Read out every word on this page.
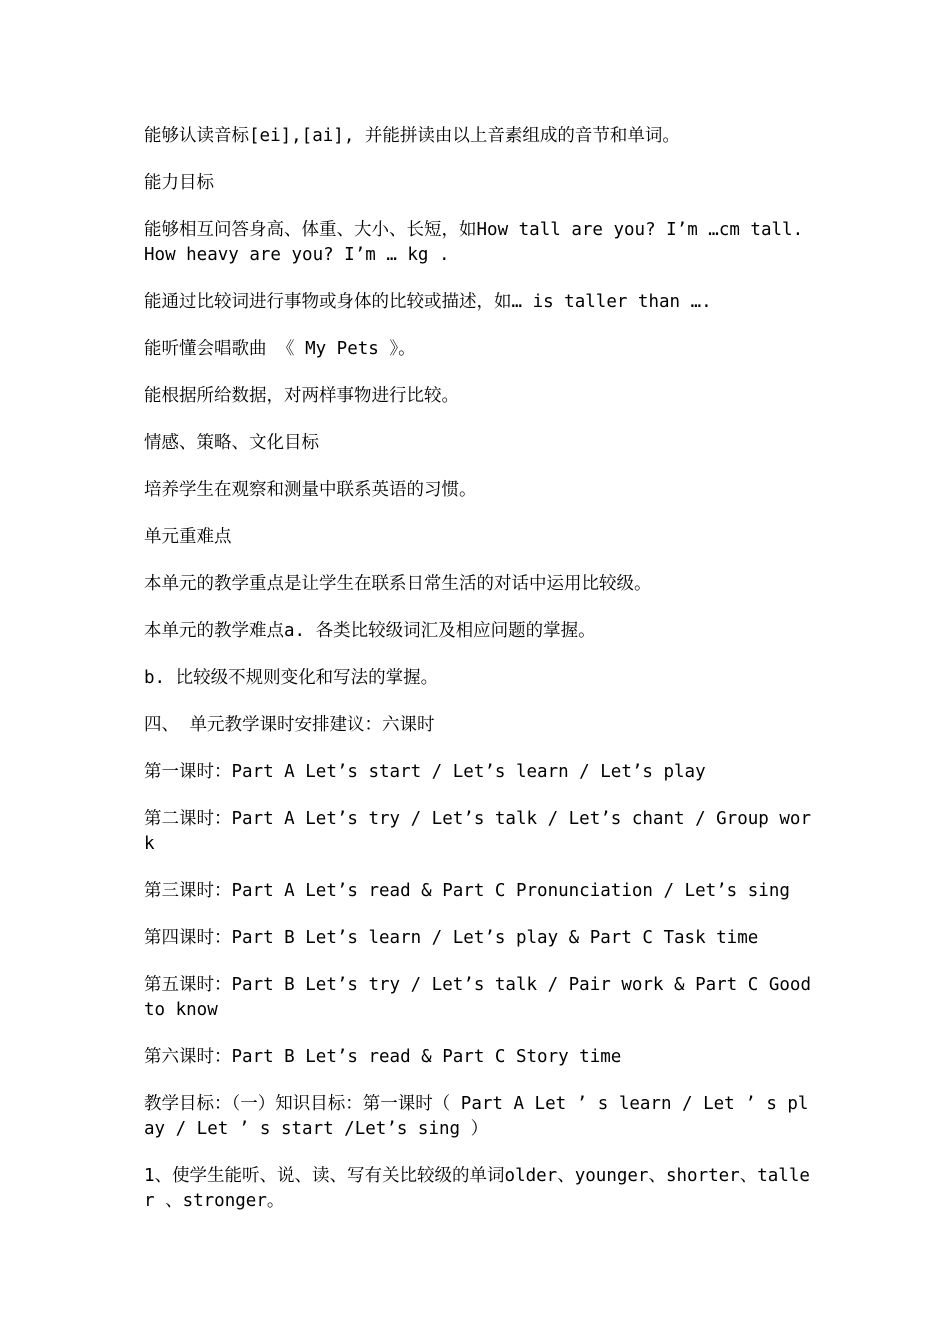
能够认读音标[ei],[ai], 并能拼读由以上音素组成的音节和单词。

能力目标

能够相互问答身高、体重、大小、长短，如How tall are you? I’m …cm tall. How heavy are you? I’m … kg .

能通过比较词进行事物或身体的比较或描述，如… is taller than ….

能听懂会唱歌曲 《 My Pets 》。

能根据所给数据，对两样事物进行比较。

情感、策略、文化目标

培养学生在观察和测量中联系英语的习惯。

单元重难点

本单元的教学重点是让学生在联系日常生活的对话中运用比较级。

本单元的教学难点a. 各类比较级词汇及相应问题的掌握。

b. 比较级不规则变化和写法的掌握。

四、 单元教学课时安排建议：六课时

第一课时：Part A Let’s start / Let’s learn / Let’s play

第二课时：Part A Let’s try / Let’s talk / Let’s chant / Group work

第三课时：Part A Let’s read & Part C Pronunciation / Let’s sing

第四课时：Part B Let’s learn / Let’s play & Part C Task time

第五课时：Part B Let’s try / Let’s talk / Pair work & Part C Good to know

第六课时：Part B Let’s read & Part C Story time

教学目标：（一）知识目标：第一课时（ Part A Let ’ s learn / Let ’ s play / Let ’ s start /Let’s sing ）

1、使学生能听、说、读、写有关比较级的单词older、younger、shorter、taller 、stronger。
